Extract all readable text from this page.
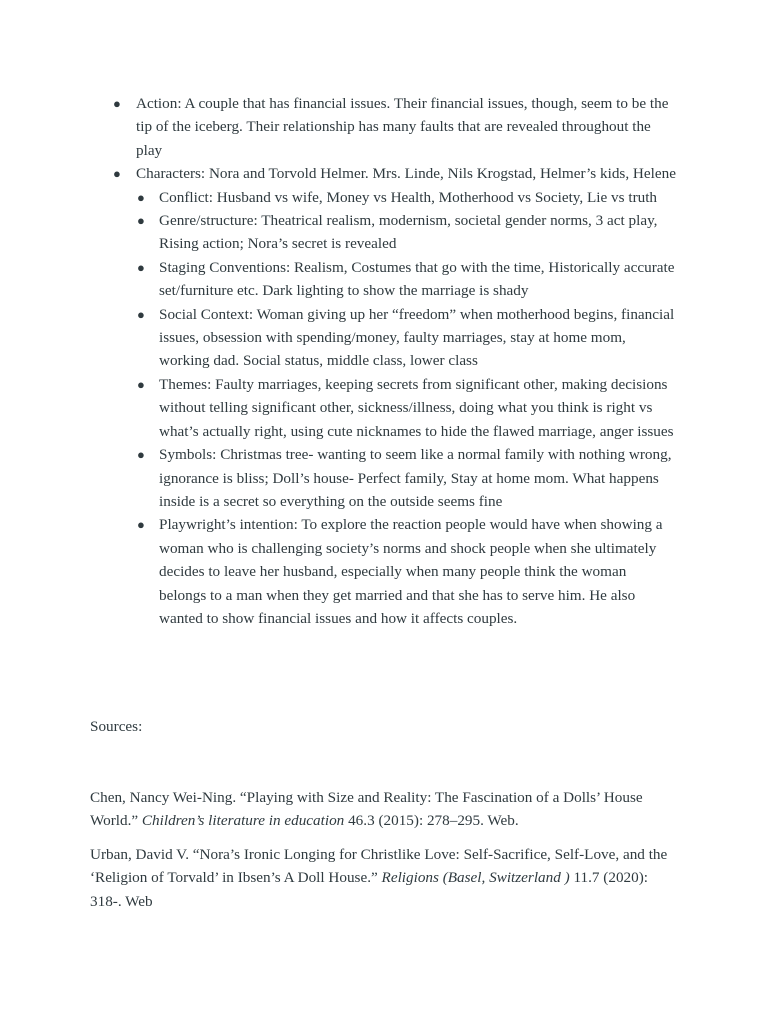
● Action: A couple that has financial issues. Their financial issues, though, seem to be the tip of the iceberg. Their relationship has many faults that are revealed throughout the play
● Characters: Nora and Torvold Helmer. Mrs. Linde, Nils Krogstad, Helmer’s kids, Helene
● Conflict: Husband vs wife, Money vs Health, Motherhood vs Society, Lie vs truth
● Genre/structure: Theatrical realism, modernism, societal gender norms, 3 act play, Rising action; Nora’s secret is revealed
● Staging Conventions: Realism, Costumes that go with the time, Historically accurate set/furniture etc. Dark lighting to show the marriage is shady
● Social Context: Woman giving up her “freedom” when motherhood begins, financial issues, obsession with spending/money, faulty marriages, stay at home mom, working dad. Social status, middle class, lower class
● Themes: Faulty marriages, keeping secrets from significant other, making decisions without telling significant other, sickness/illness, doing what you think is right vs what’s actually right, using cute nicknames to hide the flawed marriage, anger issues
● Symbols: Christmas tree- wanting to seem like a normal family with nothing wrong, ignorance is bliss; Doll’s house- Perfect family, Stay at home mom. What happens inside is a secret so everything on the outside seems fine
● Playwright’s intention: To explore the reaction people would have when showing a woman who is challenging society’s norms and shock people when she ultimately decides to leave her husband, especially when many people think the woman belongs to a man when they get married and that she has to serve him. He also wanted to show financial issues and how it affects couples.
Sources:
Chen, Nancy Wei-Ning. “Playing with Size and Reality: The Fascination of a Dolls’ House World.” Children’s literature in education 46.3 (2015): 278–295. Web.
Urban, David V. “Nora’s Ironic Longing for Christlike Love: Self-Sacrifice, Self-Love, and the ‘Religion of Torvald’ in Ibsen’s A Doll House.” Religions (Basel, Switzerland ) 11.7 (2020): 318-. Web
